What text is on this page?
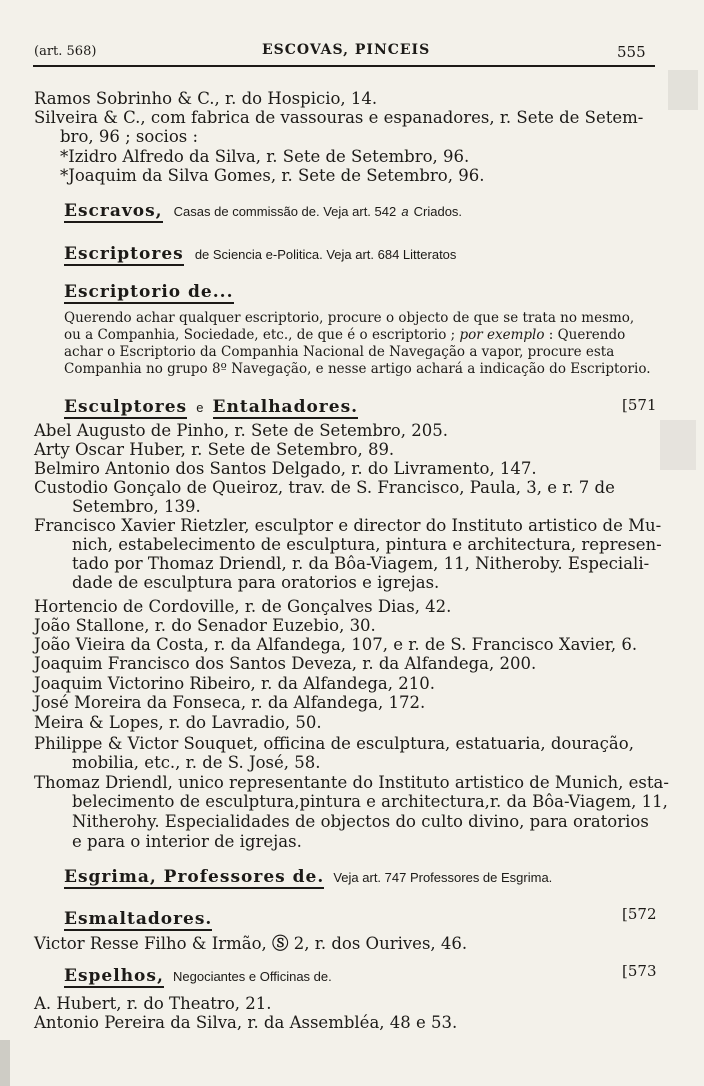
(art. 568)	ESCOVAS, PINCEIS	555
Ramos Sobrinho & C., r. do Hospicio, 14.
Silveira & C., com fabrica de vassouras e espanadores, r. Sete de Setem-
bro, 96 ; socios :
*Izidro Alfredo da Silva, r. Sete de Setembro, 96.
*Joaquim da Silva Gomes, r. Sete de Setembro, 96.
Escravos, Casas de commissão de. Veja art. 542 a Criados.
Escriptores de Sciencia e-Politica. Veja art. 684 Litteratos
Escriptorio de...
Querendo achar qualquer escriptorio, procure o objecto de que se trata no mesmo,
ou a Companhia, Sociedade, etc., de que é o escriptorio ; por exemplo : Querendo
achar o Escriptorio da Companhia Nacional de Navegação a vapor, procure esta
Companhia no grupo 8º Navegação, e nesse artigo achará a indicação do Escriptorio.
Esculptores e Entalhadores.	[571
Abel Augusto de Pinho, r. Sete de Setembro, 205.
Arty Oscar Huber, r. Sete de Setembro, 89.
Belmiro Antonio dos Santos Delgado, r. do Livramento, 147.
Custodio Gonçalo de Queiroz, trav. de S. Francisco, Paula, 3, e r. 7 de
Setembro, 139.
Francisco Xavier Rietzler, esculptor e director do Instituto artistico de Mu-
nich, estabelecimento de esculptura, pintura e architectura, represen-
tado por Thomaz Driendl, r. da Bôa-Viagem, 11, Nitheroby. Especiali-
dade de esculptura para oratorios e igrejas.
Hortencio de Cordoville, r. de Gonçalves Dias, 42.
João Stallone, r. do Senador Euzebio, 30.
João Vieira da Costa, r. da Alfandega, 107, e r. de S. Francisco Xavier, 6.
Joaquim Francisco dos Santos Deveza, r. da Alfandega, 200.
Joaquim Victorino Ribeiro, r. da Alfandega, 210.
José Moreira da Fonseca, r. da Alfandega, 172.
Meira & Lopes, r. do Lavradio, 50.
Philippe & Victor Souquet, officina de esculptura, estatuaria, douração,
mobilia, etc., r. de S. José, 58.
Thomaz Driendl, unico representante do Instituto artistico de Munich, esta-
belecimento de esculptura,pintura e architectura,r. da Bôa-Viagem, 11,
Nitherohy. Especialidades de objectos do culto divino, para oratorios
e para o interior de igrejas.
Esgrima, Professores de. Veja art. 747 Professores de Esgrima.
Esmaltadores.	[572
Victor Resse Filho & Irmão, Ⓢ 2, r. dos Ourives, 46.
Espelhos, Negociantes e Officinas de.	[573
A. Hubert, r. do Theatro, 21.
Antonio Pereira da Silva, r. da Assembléa, 48 e 53.
